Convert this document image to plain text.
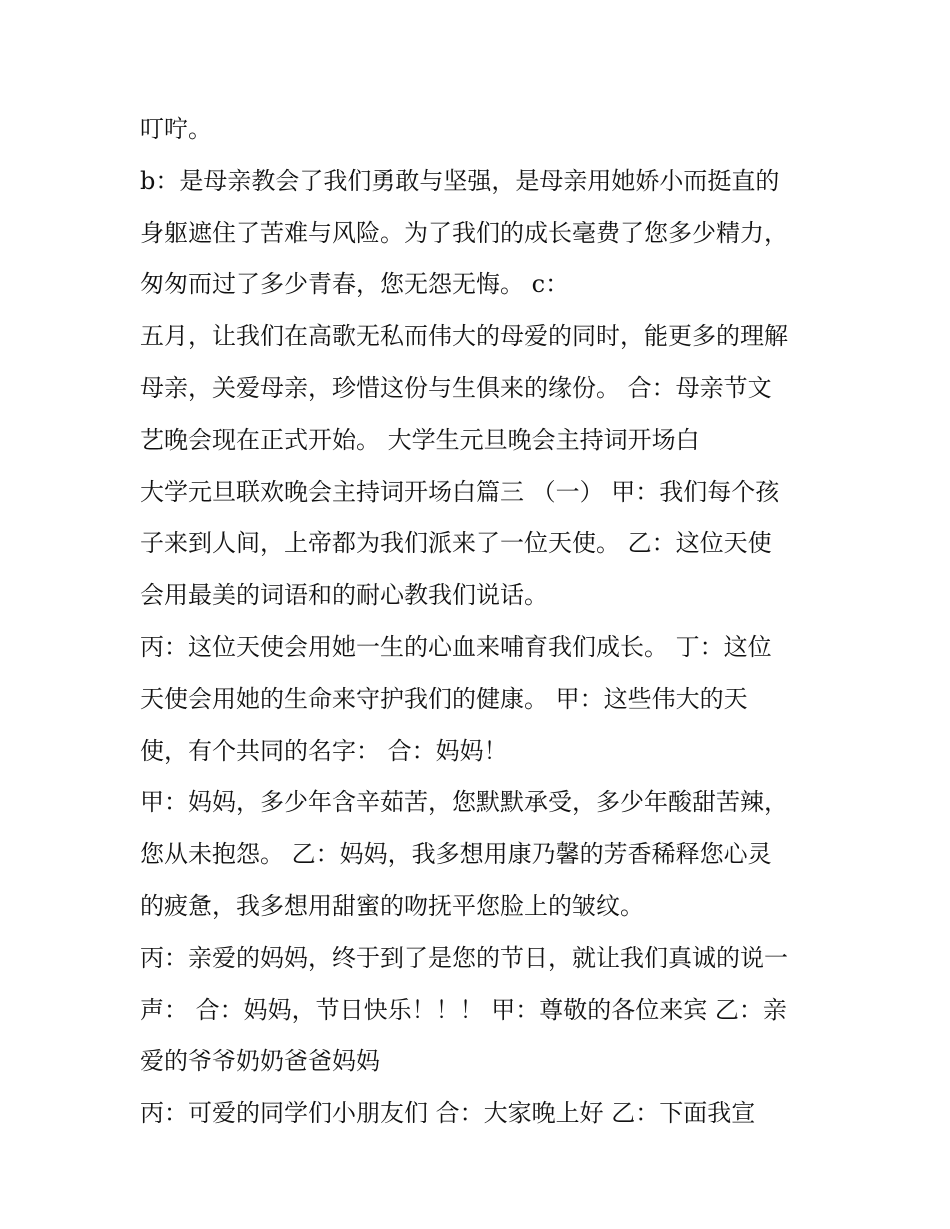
叮咛。
b：是母亲教会了我们勇敢与坚强，是母亲用她娇小而挺直的
身躯遮住了苦难与风险。为了我们的成长毫费了您多少精力，
匆匆而过了多少青春，您无怨无悔。 c：
五月，让我们在高歌无私而伟大的母爱的同时，能更多的理解
母亲，关爱母亲，珍惜这份与生俱来的缘份。 合：母亲节文
艺晚会现在正式开始。 大学生元旦晚会主持词开场白
大学元旦联欢晚会主持词开场白篇三 （一） 甲：我们每个孩
子来到人间，上帝都为我们派来了一位天使。 乙：这位天使
会用最美的词语和的耐心教我们说话。
丙：这位天使会用她一生的心血来哺育我们成长。 丁：这位
天使会用她的生命来守护我们的健康。 甲：这些伟大的天
使，有个共同的名字： 合：妈妈！
甲：妈妈，多少年含辛茹苦，您默默承受，多少年酸甜苦辣，
您从未抱怨。 乙：妈妈，我多想用康乃馨的芳香稀释您心灵
的疲惫，我多想用甜蜜的吻抚平您脸上的皱纹。
丙：亲爱的妈妈，终于到了是您的节日，就让我们真诚的说一
声： 合：妈妈，节日快乐！！！ 甲：尊敬的各位来宾 乙：亲
爱的爷爷奶奶爸爸妈妈
丙：可爱的同学们小朋友们 合：大家晚上好 乙：下面我宣
